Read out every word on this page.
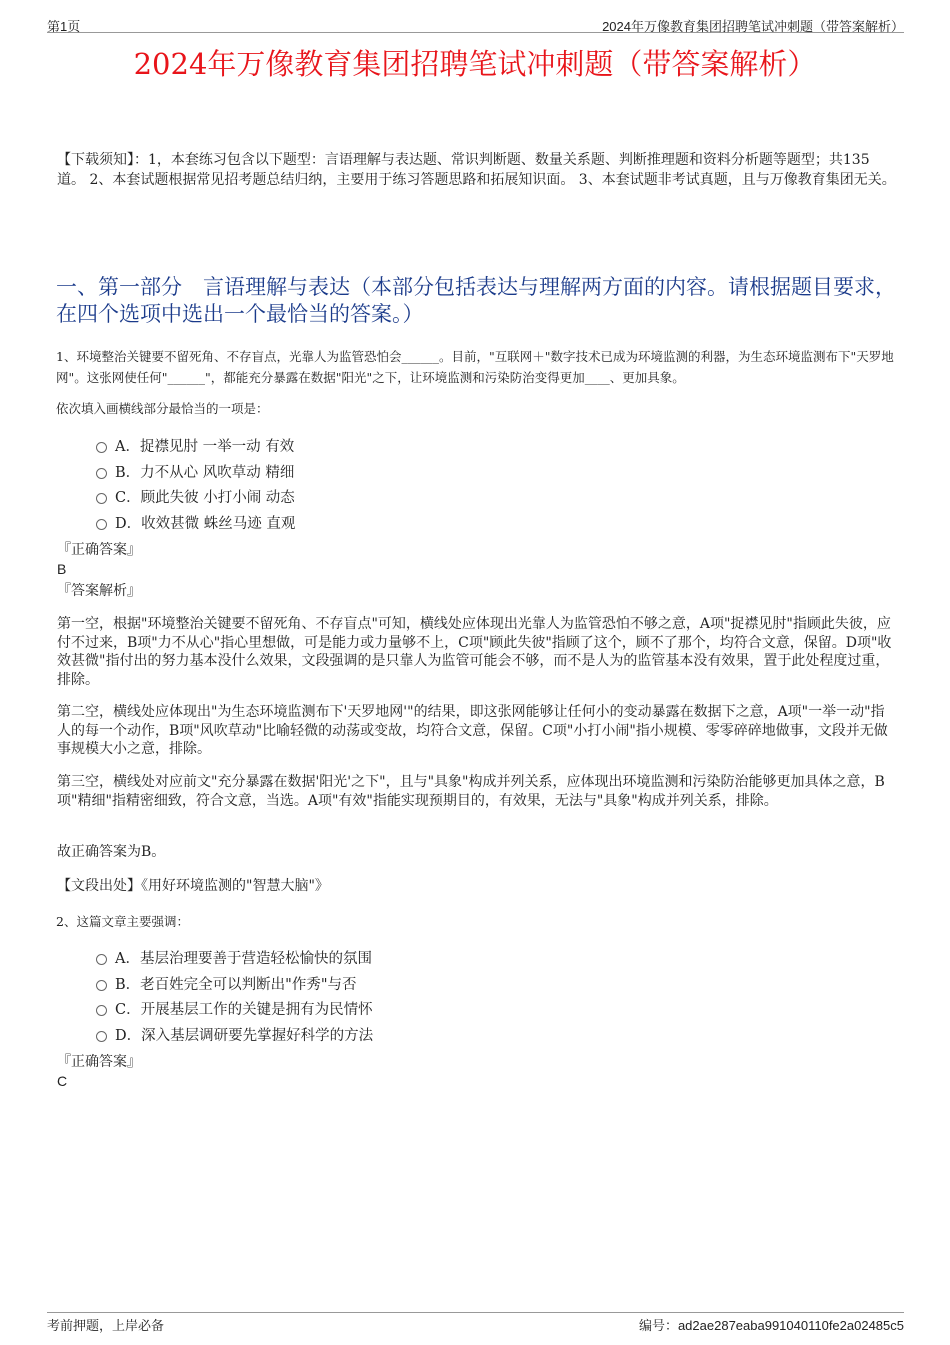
第1页	2024年万像教育集团招聘笔试冲刺题（带答案解析）
2024年万像教育集团招聘笔试冲刺题（带答案解析）
【下载须知】：1，本套练习包含以下题型：言语理解与表达题、常识判断题、数量关系题、判断推理题和资料分析题等题型；共135道。 2、本套试题根据常见招考题总结归纳，主要用于练习答题思路和拓展知识面。 3、本套试题非考试真题，且与万像教育集团无关。
一、第一部分　言语理解与表达（本部分包括表达与理解两方面的内容。请根据题目要求，在四个选项中选出一个最恰当的答案。）
1、环境整治关键要不留死角、不存盲点，光靠人为监管恐怕会______。目前，"互联网＋"数字技术已成为环境监测的利器，为生态环境监测布下"天罗地网"。这张网使任何"______"，都能充分暴露在数据"阳光"之下，让环境监测和污染防治变得更加____、更加具象。
依次填入画横线部分最恰当的一项是：
A．捉襟见肘 一举一动 有效
B．力不从心 风吹草动 精细
C．顾此失彼 小打小闹 动态
D．收效甚微 蛛丝马迹 直观
『正确答案』
B
『答案解析』
第一空，根据"环境整治关键要不留死角、不存盲点"可知，横线处应体现出光靠人为监管恐怕不够之意，A项"捉襟见肘"指顾此失彼，应付不过来，B项"力不从心"指心里想做，可是能力或力量够不上，C项"顾此失彼"指顾了这个，顾不了那个，均符合文意，保留。D项"收效甚微"指付出的努力基本没什么效果，文段强调的是只靠人为监管可能会不够，而不是人为的监管基本没有效果，置于此处程度过重，排除。
第二空，横线处应体现出"为生态环境监测布下'天罗地网'"的结果，即这张网能够让任何小的变动暴露在数据下之意，A项"一举一动"指人的每一个动作，B项"风吹草动"比喻轻微的动荡或变故，均符合文意，保留。C项"小打小闹"指小规模、零零碎碎地做事，文段并无做事规模大小之意，排除。
第三空，横线处对应前文"充分暴露在数据'阳光'之下"，且与"具象"构成并列关系，应体现出环境监测和污染防治能够更加具体之意，B项"精细"指精密细致，符合文意，当选。A项"有效"指能实现预期目的，有效果，无法与"具象"构成并列关系，排除。
故正确答案为B。
【文段出处】《用好环境监测的"智慧大脑"》
2、这篇文章主要强调：
A．基层治理要善于营造轻松愉快的氛围
B．老百姓完全可以判断出"作秀"与否
C．开展基层工作的关键是拥有为民情怀
D．深入基层调研要先掌握好科学的方法
『正确答案』
C
考前押题，上岸必备	编号：ad2ae287eaba991040110fe2a02485c5
